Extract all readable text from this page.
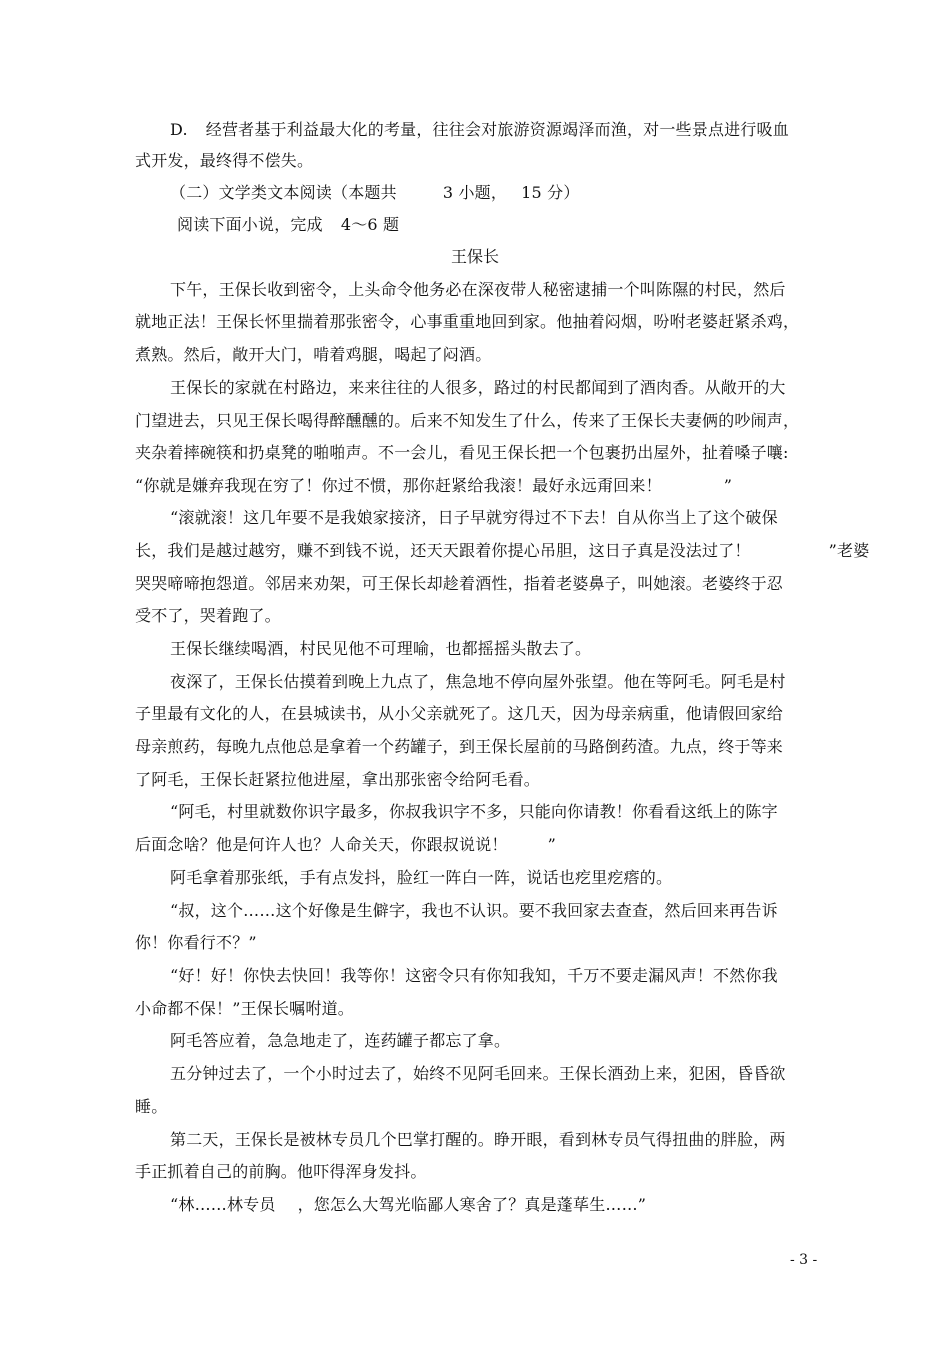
D. 经营者基于利益最大化的考量，往往会对旅游资源竭泽而渔，对一些景点进行吸血
式开发，最终得不偿失。
（二）文学类文本阅读（本题共	3 小题， 15 分）
阅读下面小说，完成 4～6 题
王保长
下午，王保长收到密令，上头命令他务必在深夜带人秘密逮捕一个叫陈隰的村民，然后
就地正法！王保长怀里揣着那张密令，心事重重地回到家。他抽着闷烟，吩咐老婆赶紧杀鸡，
煮熟。然后，敞开大门，啃着鸡腿，喝起了闷酒。
王保长的家就在村路边，来来往往的人很多，路过的村民都闻到了酒肉香。从敞开的大
门望进去，只见王保长喝得醉醺醺的。后来不知发生了什么，传来了王保长夫妻俩的吵闹声，
夹杂着摔碗筷和扔桌凳的啪啪声。不一会儿，看见王保长把一个包裹扔出屋外，扯着嗓子嚷:
“你就是嫌弃我现在穷了！你过不惯，那你赶紧给我滚！最好永远甭回来！	”
“滚就滚！这几年要不是我娘家接济，日子早就穷得过不下去！自从你当上了这个破保
长，我们是越过越穷，赚不到钱不说，还天天跟着你提心吊胆，这日子真是没法过了！	”老婆
哭哭啼啼抱怨道。邻居来劝架，可王保长却趁着酒性，指着老婆鼻子，叫她滚。老婆终于忍
受不了，哭着跑了。
王保长继续喝酒，村民见他不可理喻，也都摇摇头散去了。
夜深了，王保长估摸着到晚上九点了，焦急地不停向屋外张望。他在等阿毛。阿毛是村
子里最有文化的人，在县城读书，从小父亲就死了。这几天，因为母亲病重，他请假回家给
母亲煎药，每晚九点他总是拿着一个药罐子，到王保长屋前的马路倒药渣。九点，终于等来
了阿毛，王保长赶紧拉他进屋，拿出那张密令给阿毛看。
“阿毛，村里就数你识字最多，你叔我识字不多，只能向你请教！你看看这纸上的陈字
后面念啥？他是何许人也？人命关天，你跟叔说说！	”
阿毛拿着那张纸，手有点发抖，脸红一阵白一阵，说话也疙里疙瘩的。
“叔，这个……这个好像是生僻字，我也不认识。要不我回家去查查，然后回来再告诉
你！你看行不？”
“好！好！你快去快回！我等你！这密令只有你知我知，千万不要走漏风声！不然你我
小命都不保！”王保长嘱咐道。
阿毛答应着，急急地走了，连药罐子都忘了拿。
五分钟过去了，一个小时过去了，始终不见阿毛回来。王保长酒劲上来，犯困，昏昏欲
睡。
第二天，王保长是被林专员几个巴掌打醒的。睁开眼，看到林专员气得扭曲的胖脸，两
手正抓着自己的前胸。他吓得浑身发抖。
“林……林专员 ，您怎么大驾光临鄙人寒舍了？真是蓬荜生……”
- 3 -
